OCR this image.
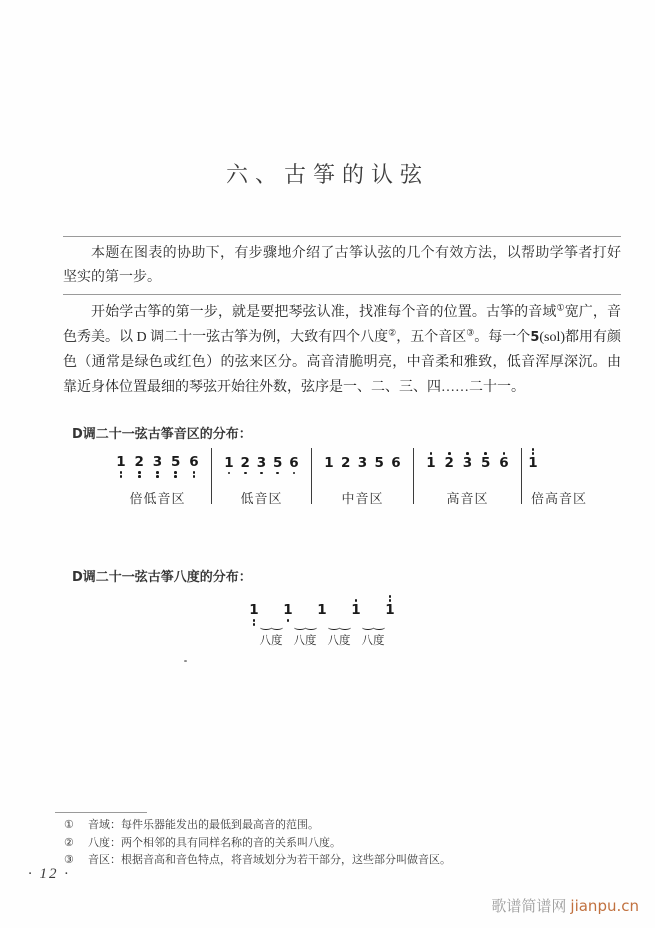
六、古筝的认弦

本题在图表的协助下，有步骤地介绍了古筝认弦的几个有效方法，以帮助学筝者打好坚实的第一步。

开始学古筝的第一步，就是要把琴弦认准，找准每个音的位置。古筝的音域①宽广，音色秀美。以 D 调二十一弦古筝为例，大致有四个八度②，五个音区③。每一个5(sol)都用有颜色（通常是绿色或红色）的弦来区分。高音清脆明亮，中音柔和雅致，低音浑厚深沉。由靠近身体位置最细的琴弦开始往外数，弦序是一、二、三、四……二十一。

D调二十一弦古筝音区的分布：

1 2 3 5 6
倍低音区
1 2 3 5 6
低音区
1 2 3 5 6
中音区
1 2 3 5 6
高音区
1
倍高音区

D调二十一弦古筝八度的分布：

1 1 1 1 1
八度 八度 八度 八度
①	音域：每件乐器能发出的最低到最高音的范围。
②	八度：两个相邻的具有同样名称的音的关系叫八度。
③	音区：根据音高和音色特点，将音域划分为若干部分，这些部分叫做音区。
· 12 ·
歌谱简谱网 jianpu.cn
